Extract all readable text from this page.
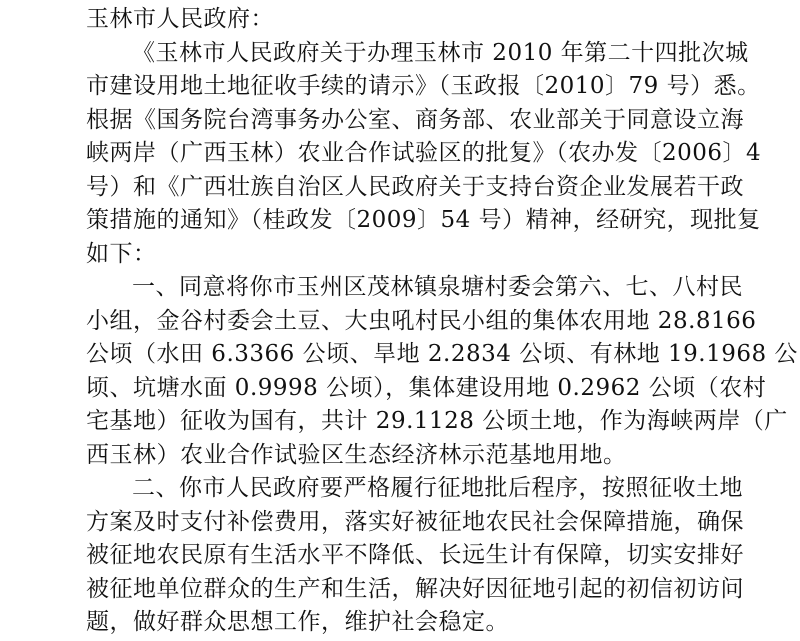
玉林市人民政府：
《玉林市人民政府关于办理玉林市 2010 年第二十四批次城
市建设用地土地征收手续的请示》（玉政报〔2010〕79 号）悉。
根据《国务院台湾事务办公室、商务部、农业部关于同意设立海
峡两岸（广西玉林）农业合作试验区的批复》（农办发〔2006〕4
号）和《广西壮族自治区人民政府关于支持台资企业发展若干政
策措施的通知》（桂政发〔2009〕54 号）精神，经研究，现批复
如下：
一、同意将你市玉州区茂林镇泉塘村委会第六、七、八村民
小组，金谷村委会土豆、大虫吼村民小组的集体农用地 28.8166
公顷（水田 6.3366 公顷、旱地 2.2834 公顷、有林地 19.1968 公
顷、坑塘水面 0.9998 公顷），集体建设用地 0.2962 公顷（农村
宅基地）征收为国有，共计 29.1128 公顷土地，作为海峡两岸（广
西玉林）农业合作试验区生态经济林示范基地用地。
二、你市人民政府要严格履行征地批后程序，按照征收土地
方案及时支付补偿费用，落实好被征地农民社会保障措施，确保
被征地农民原有生活水平不降低、长远生计有保障，切实安排好
被征地单位群众的生产和生活，解决好因征地引起的初信初访问
题，做好群众思想工作，维护社会稳定。
